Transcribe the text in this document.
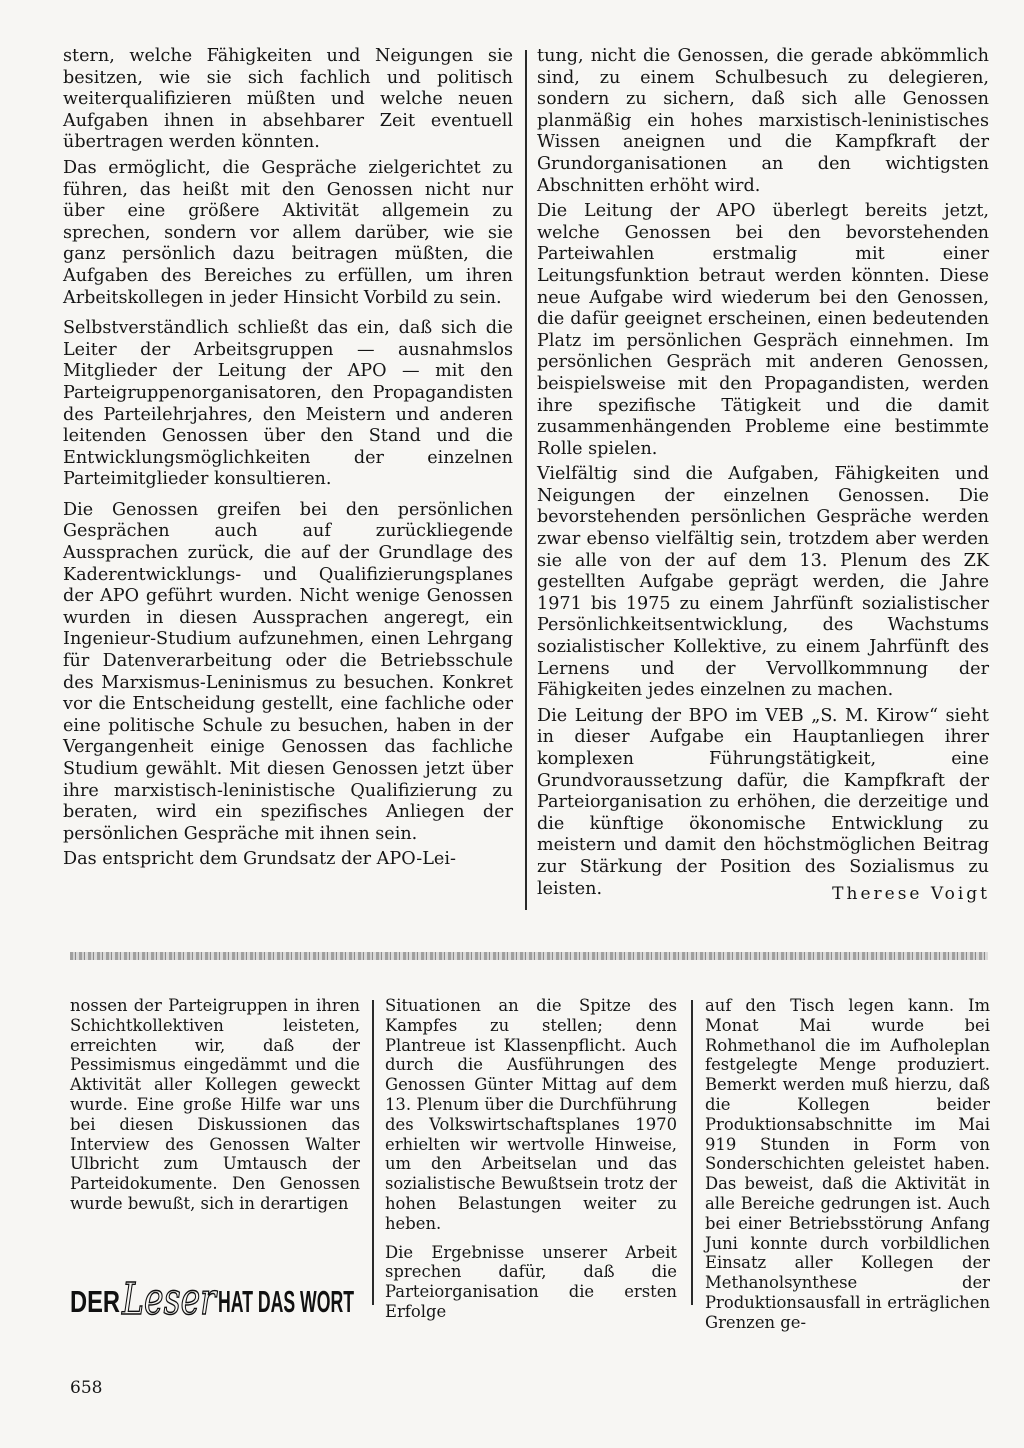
stern, welche Fähigkeiten und Neigungen sie besitzen, wie sie sich fachlich und politisch weiterqualifizieren müßten und welche neuen Aufgaben ihnen in absehbarer Zeit eventuell übertragen werden könnten.

Das ermöglicht, die Gespräche zielgerichtet zu führen, das heißt mit den Genossen nicht nur über eine größere Aktivität allgemein zu sprechen, sondern vor allem darüber, wie sie ganz persönlich dazu beitragen müßten, die Aufgaben des Bereiches zu erfüllen, um ihren Arbeitskollegen in jeder Hinsicht Vorbild zu sein.

Selbstverständlich schließt das ein, daß sich die Leiter der Arbeitsgruppen — ausnahmslos Mitglieder der Leitung der APO — mit den Parteigruppenorganisatoren, den Propagandisten des Parteilehrjahres, den Meistern und anderen leitenden Genossen über den Stand und die Entwicklungsmöglichkeiten der einzelnen Parteimitglieder konsultieren.

Die Genossen greifen bei den persönlichen Gesprächen auch auf zurückliegende Aussprachen zurück, die auf der Grundlage des Kaderentwicklungs- und Qualifizierungsplanes der APO geführt wurden. Nicht wenige Genossen wurden in diesen Aussprachen angeregt, ein Ingenieur-Studium aufzunehmen, einen Lehrgang für Datenverarbeitung oder die Betriebsschule des Marxismus-Leninismus zu besuchen. Konkret vor die Entscheidung gestellt, eine fachliche oder eine politische Schule zu besuchen, haben in der Vergangenheit einige Genossen das fachliche Studium gewählt. Mit diesen Genossen jetzt über ihre marxistisch-leninistische Qualifizierung zu beraten, wird ein spezifisches Anliegen der persönlichen Gespräche mit ihnen sein.

Das entspricht dem Grundsatz der APO-Lei-

tung, nicht die Genossen, die gerade abkömmlich sind, zu einem Schulbesuch zu delegieren, sondern zu sichern, daß sich alle Genossen planmäßig ein hohes marxistisch-leninistisches Wissen aneignen und die Kampfkraft der Grundorganisationen an den wichtigsten Abschnitten erhöht wird.

Die Leitung der APO überlegt bereits jetzt, welche Genossen bei den bevorstehenden Parteiwahlen erstmalig mit einer Leitungsfunktion betraut werden könnten. Diese neue Aufgabe wird wiederum bei den Genossen, die dafür geeignet erscheinen, einen bedeutenden Platz im persönlichen Gespräch einnehmen. Im persönlichen Gespräch mit anderen Genossen, beispielsweise mit den Propagandisten, werden ihre spezifische Tätigkeit und die damit zusammenhängenden Probleme eine bestimmte Rolle spielen.

Vielfältig sind die Aufgaben, Fähigkeiten und Neigungen der einzelnen Genossen. Die bevorstehenden persönlichen Gespräche werden zwar ebenso vielfältig sein, trotzdem aber werden sie alle von der auf dem 13. Plenum des ZK gestellten Aufgabe geprägt werden, die Jahre 1971 bis 1975 zu einem Jahrfünft sozialistischer Persönlichkeitsentwicklung, des Wachstums sozialistischer Kollektive, zu einem Jahrfünft des Lernens und der Vervollkommnung der Fähigkeiten jedes einzelnen zu machen.

Die Leitung der BPO im VEB „S. M. Kirow“ sieht in dieser Aufgabe ein Hauptanliegen ihrer komplexen Führungstätigkeit, eine Grundvoraussetzung dafür, die Kampfkraft der Parteiorganisation zu erhöhen, die derzeitige und die künftige ökonomische Entwicklung zu meistern und damit den höchstmöglichen Beitrag zur Stärkung der Position des Sozialismus zu leisten.	Therese Voigt

nossen der Parteigruppen in ihren Schichtkollektiven leisteten, erreichten wir, daß der Pessimismus eingedämmt und die Aktivität aller Kollegen geweckt wurde. Eine große Hilfe war uns bei diesen Diskussionen das Interview des Genossen Walter Ulbricht zum Umtausch der Parteidokumente. Den Genossen wurde bewußt, sich in derartigen

Situationen an die Spitze des Kampfes zu stellen; denn Plantreue ist Klassenpflicht. Auch durch die Ausführungen des Genossen Günter Mittag auf dem 13. Plenum über die Durchführung des Volkswirtschaftsplanes 1970 erhielten wir wertvolle Hinweise, um den Arbeitselan und das sozialistische Bewußtsein trotz der hohen Belastungen weiter zu heben.

Die Ergebnisse unserer Arbeit sprechen dafür, daß die Parteiorganisation die ersten Erfolge

auf den Tisch legen kann. Im Monat Mai wurde bei Rohmethanol die im Aufholeplan festgelegte Menge produziert. Bemerkt werden muß hierzu, daß die Kollegen beider Produktionsabschnitte im Mai 919 Stunden in Form von Sonderschichten geleistet haben. Das beweist, daß die Aktivität in alle Bereiche gedrungen ist. Auch bei einer Betriebsstörung Anfang Juni konnte durch vorbildlichen Einsatz aller Kollegen der Methanolsynthese der Produktionsausfall in erträglichen Grenzen ge-

DER Leser HAT DAS WORT
658
